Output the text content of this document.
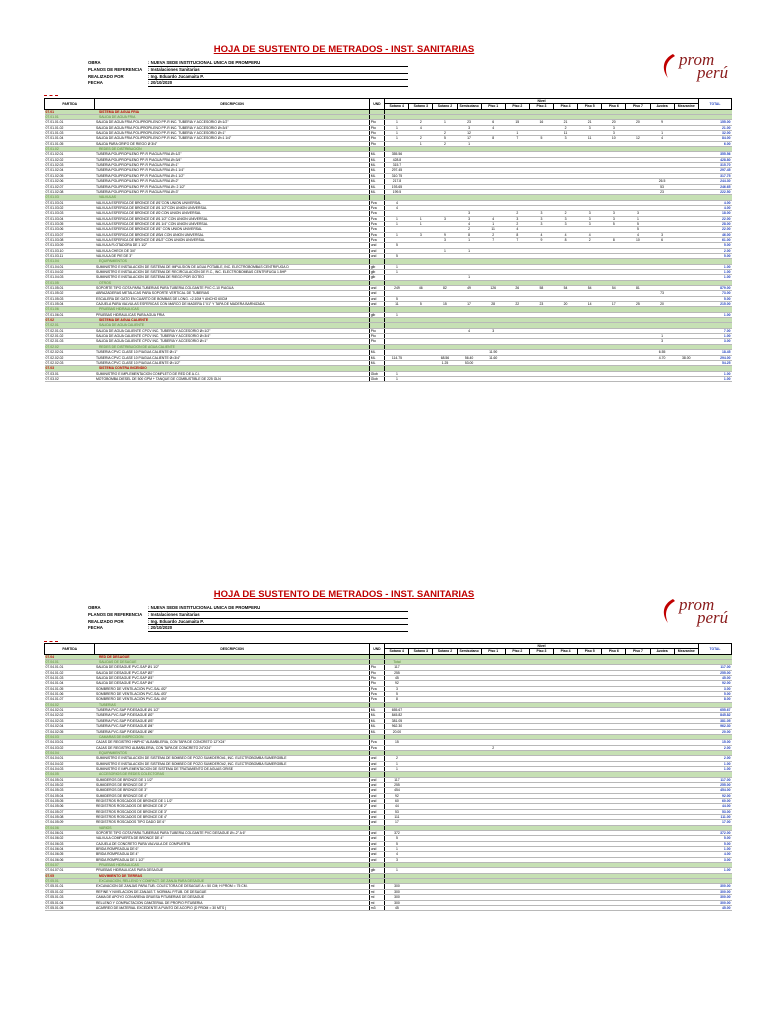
HOJA DE SUSTENTO DE METRADOS - INST. SANITARIAS
prom
perú
OBRA	: NUEVA SEDE INSTITUCIONAL UNICA DE PROMPERU
PLANOS DE REFERENCIA	: Instalaciones Sanitarias
REALIZADO POR	: Ing. Eduardo Jucamaita P.
FECHA	: 20/10/2020
PARTIDA	DESCRIPCION	UND	Nivel													TOTAL
			Sotano 4	Sotano 3	Sotano 2	Semisotano	Piso 1	Piso 2	Piso 3	Piso 4	Piso 5	Piso 6	Piso 7	Azotea	Mezzanine	
07.01	SISTEMA DE AGUA FRIA															
07.01.01	SALIDA DE AGUA FRIA															
07.01.01.01	SALIDA DE AGUA FRIA POLIPROPILENO PP-R INC. TUBERIA Y ACCESORIO Ø=1/2"	Pto	1	2	1	23	6	15	16	21	21	20	20	9		155.00
07.01.01.02	SALIDA DE AGUA FRIA POLIPROPILENO PP-R INC. TUBERIA Y ACCESORIO Ø=3/4"	Pto	1	4		3	4			2	3	3				21.00
07.01.01.03	SALIDA DE AGUA FRIA POLIPROPILENO PP-R INC. TUBERIA Y ACCESORIO Ø=1"	Pto	1		2	12		1		11		3		1		32.00
07.01.01.04	SALIDA DE AGUA FRIA POLIPROPILENO PP-R INC. TUBERIA Y ACCESORIO Ø=1 1/4"	Pto	1	2	5	17	8	7	5	3	11	10	12	4		84.00
07.01.01.05	SALIDA PARA GRIFO DE RIEGO Ø 3/4"	Pto		1	2	1										6.00
07.01.02	REDES DE DISTRIBUCION															
07.01.02.01	TUBERIA POLIPROPILENO PP-R P/AGUA FRIA Ø=1/2"	ML	355.56													355.56
07.01.02.02	TUBERIA POLIPROPILENO PP-R P/AGUA FRIA Ø=3/4"	ML	428.8													428.80
07.01.02.03	TUBERIA POLIPROPILENO PP-R P/AGUA FRIA Ø=1"	ML	315.7													315.70
07.01.02.04	TUBERIA POLIPROPILENO PP-R P/AGUA FRIA Ø=1 1/4"	ML	297.45													297.45
07.01.02.05	TUBERIA POLIPROPILENO PP-R P/AGUA FRIA Ø=1 1/2"	ML	310.75													317.75
07.01.02.06	TUBERIA POLIPROPILENO PP-R P/AGUA FRIA Ø=2"	ML	217.8											26.5		244.30
07.01.02.07	TUBERIA POLIPROPILENO PP-R P/AGUA FRIA Ø= 2 1/2"	ML	193.65											53		246.65
07.01.02.08	TUBERIA POLIPROPILENO PP-R P/AGUA FRIA Ø=3"	ML	199.5											23		222.50
07.01.03	VALVULAS															
07.01.03.01	VALVULA ESFERICA DE BRONCE DE Ø1"CON UNION UNIVERSAL	Pza	4													4.00
07.01.03.02	VALVULA ESFERICA DE BRONCE DE Ø1 1/2"CON UNION UNIVERSAL	Pza	4													4.00
07.01.03.03	VALVULA ESFERICA DE BRONCE DE Ø2 CON UNION UNIVERSAL	Pza				3		2	3	2	3	3	3			18.00
07.01.03.04	VALVULA ESFERICA DE BRONCE DE Ø1 1/2" CON UNION UNIVERSAL	Pza	1	1	3	3	4	3	3	3	3	3	1			22.00
07.01.03.05	VALVULA ESFERICA DE BRONCE DE Ø1 1/4" CON UNION UNIVERSAL	Pza	1	1		4	1	2	3	3	3	5	5			28.00
07.01.03.06	VALVULA ESFERICA DE BRONCE DE Ø1" CON UNION UNIVERSAL	Pza				2	11	4					5			22.00
07.01.03.07	VALVULA ESFERICA DE BRONCE DE Ø3/4 CON UNION UNIVERSAL	Pza	1	3	9	8	2	8	4	4	4		4	3		46.00
07.01.03.08	VALVULA ESFERICA DE BRONCE DE Ø1/2" CON UNION UNIVERSAL	Pza			3	1	7	7	9	8	2	8	10	6		61.00
07.01.03.09	VALVULA FLOTADORA DE 1 1/2"	und	5													5.00
07.01.03.10	VALVULA CHECK DE 3/4"	und			1	1										2.00
07.01.03.11	VALVULA DE PIE DE 3"	und	5													5.00
07.01.04	EQUIPAMIENTOS															
07.01.04.01	SUMINISTRO E INSTALACION DE SISTEMA DE IMPULSION DE AGUA POTABLE, INC. ELECTROBOMBAS CENTRIFUGA D	glb	1													1.00
07.01.04.02	SUMINISTRO E INSTALACION DE SISTEMA DE RECIRCULACIÓN DE R.C., INC. ELECTROBOMBAS CENTRIFUGA 1.5HP	glb	1													1.00
07.01.04.03	SUMINISTRO E INSTALACION DE SISTEMA DE RIEGO POR GOTEO	glb				1										1.00
07.01.05	OTROS															
07.01.05.01	SOPORTE TIPO GOTA PARA TUBERIAS PARA TUBERIA COLGANTE PVC C-10 P/AGUA	und	249	46	82	49	126	26	58	54	54	54	81			879.00
07.01.05.02	ABRAZADERAS METALICAS PARA SOPORTE VERTICAL DE TUBERIAS	und												73		73.00
07.01.05.03	ESCALERA DE GATO EN CUARTO DE BOMBAS DE LONG. =2.10M Y ANCHO 60CM	und	5													5.00
07.01.05.04	CAJUELA PARA VALVULAS ESFERICAS CON MARCO DE MADERA 1"X1" Y TAPA DE MADERA BARNIZADA	und	11	5	15	17	28	22	23	20	14	17	25	20		215.00
07.01.06	PRUEBAS HIDRAULICAS															
07.01.06.01	PRUEBAS HIDRAULICAS PARA AGUA FRIA	glb	1													1.00
07.02	SISTEMA DE AGUA CALIENTE															
07.02.01	SALIDA DE AGUA CALIENTE															
07.02.01.01	SALIDA DE AGUA CALIENTE CPCV INC. TUBERIA Y ACCESORIO Ø=1/2"	Pto				4	3									7.00
07.02.01.02	SALIDA DE AGUA CALIENTE CPCV INC. TUBERIA Y ACCESORIO Ø=3/4"	Pto												1		1.00
07.02.01.03	SALIDA DE AGUA CALIENTE CPCV INC. TUBERIA Y ACCESORIO Ø=1"	Pto												3		3.00
07.02.02	REDES DE DISTRIBUCION DE AGUA CALIENTE															
07.02.02.01	TUBERIA CPVC CLASE 10 P/AGUA CALIENTE Ø=1"	ML					11.90							6.55		18.45
07.02.02.02	TUBERIA CPVC CLASE 10 P/AGUA CALIENTE Ø=3/4"	ML	114.75		68.56	56.40	11.60							4.70	38.00	294.00
07.02.02.03	TUBERIA CPVC CLASE 10 P/AGUA CALIENTE Ø=1/2"	ML			1.25	53.00										54.25
07.03	SISTEMA CONTRA INCENDIO															
07.03.01	SUMINISTRO E IMPLEMENTACION COMPLETO DE RED DE A.C.I.	Glob	1													1.00
07.03.02	MOTOBOMBA DIESEL DE 500 GPM + TANQUE DE COMBUSTIBLE DE 225 GLN	Glob	1													1.00
HOJA DE SUSTENTO DE METRADOS - INST. SANITARIAS
prom
perú
OBRA	: NUEVA SEDE INSTITUCIONAL UNICA DE PROMPERU
PLANOS DE REFERENCIA	: Instalaciones Sanitarias
REALIZADO POR	: Ing. Eduardo Jucamaita P.
FECHA	: 20/10/2020
PARTIDA	DESCRIPCION	UND	Nivel													TOTAL
			Sotano 4	Sotano 3	Sotano 2	Semisotano	Piso 1	Piso 2	Piso 3	Piso 4	Piso 5	Piso 6	Piso 7	Azotea	Mezzanine	
07.04	RED DE DESAGUE															
07.04.01	SALIDAS DE DESAGUE		Total													
07.04.01.01	SALIDA DE DESAGUE PVC-SAP Ø1 1/2"	Pto	117													117.00
07.04.01.02	SALIDA DE DESAGUE PVC-SAP Ø2"	Pto	255													255.00
07.04.01.03	SALIDA DE DESAGUE PVC-SAP Ø3"	Pto	45													45.00
07.04.01.04	SALIDA DE DESAGUE PVC-SAP Ø4"	Pto	92													92.00
07.04.01.05	SOMBRERO DE VENTILACIÓN PVC-SAL Ø2"	Pza	3													3.00
07.04.01.06	SOMBRERO DE VENTILACIÓN PVC-SAL Ø3"	Pza	5													5.00
07.04.01.07	SOMBRERO DE VENTILACIÓN PVC-SAL Ø4"	Pza	8													8.00
07.04.02	TUBERIAS															
07.04.02.01	TUBERIA PVC-SAP P/DESAGUE Ø1 1/2"	ML	655.67													655.67
07.04.02.02	TUBERIA PVC-SAP P/DESAGUE Ø2"	ML	845.82													845.82
07.04.02.03	TUBERIA PVC-SAP P/DESAGUE Ø3"	ML	381.05													381.05
07.04.02.04	TUBERIA PVC-SAP P/DESAGUE Ø4"	ML	962.30													962.30
07.04.02.05	TUBERIA PVC-SAP P/DESAGUE Ø6"	ML	20.00													20.00
07.04.03	CAMARAS DE INSPECCION															
07.04.03.01	CAJAS DE REGISTRO HNPHC" ALBAÑILERIA, CON TAPA DE CONCRETO 12"X24"	Pza	15													15.00
07.04.03.02	CAJAS DE REGISTRO ALBAÑILERIA, CON TAPA DE CONCRETO 24"X24"	Pza					2									2.00
07.04.04	EQUIPAMIENTOS															
07.04.04.01	SUMINISTRO E INSTALACION DE SISTEMA DE BOMBEO DE POZO SUMIDERO#1, INC. ELECTROBOMBA SUMERGIBLE	und	2													2.00
07.04.04.02	SUMINISTRO E INSTALACION DE SISTEMA DE BOMBEO DE POZO SUMIDERO#2, INC. ELECTROBOMBA SUMERGIBLE	und	1													1.00
07.04.04.03	SUMINISTRO E IMPLEMENTACION DE SISTEMA DE TRATAMIENTO DE AGUAS GRISE	und	1													1.00
07.04.05	ACCESORIOS DE REDES COLECTORAS															
07.04.05.01	SUMIDEROS DE BRONCE DE 1 1/2"	und	117													117.00
07.04.05.02	SUMIDEROS DE BRONCE DE 2"	und	255													255.00
07.04.05.03	SUMIDEROS DE BRONCE DE 3"	und	454													454.00
07.04.05.04	SUMIDEROS DE BRONCE DE 4"	und	92													92.00
07.04.05.05	REGISTROS ROSCADOS DE BRONCE DE 1 1/2"	und	60													60.00
07.04.05.06	REGISTROS ROSCADOS DE BRONCE DE 2"	und	44													44.00
07.04.05.07	REGISTROS ROSCADOS DE BRONCE DE 3"	und	53													53.00
07.04.05.08	REGISTROS ROSCADOS DE BRONCE DE 4"	und	111													111.00
07.04.05.09	REGISTROS ROSCADOS TIPO DADO DE 6"	und	17													17.00
07.04.06	VARIOS															
07.04.06.01	SOPORTE TIPO GOTA PARA TUBERIAS PARA TUBERIA COLGANTE PVC DESAGUE Ø=-2" A 6"	und	372													372.00
07.04.06.02	VALVULA COMPUERTA DE BRONCE DE 4"	und	5													5.00
07.04.06.03	CAJUELA DE CONCRETO PARA VALVULA DE COMPUERTA	und	5													5.00
07.04.06.04	BRIDA ROMPEAGUA DE 6"	und	1													1.00
07.04.06.05	BRIDA ROMPEAGUA DE 4"	und	4													4.00
07.04.06.06	BRIDA ROMPEAGUA DE 1 1/2"	und	3													3.00
07.04.07	PRUEBAS HIDRAULICAS															
07.04.07.01	PRUEBAS HIDRAULICAS PARA DESAGUE	glb	1													1.00
07.05	MOVIMIENTO DE TIERRAS															
07.05.01	EXCAVACION, RELLENO Y COMPACT. DE ZANJA PARA DESAGUE															
07.05.01.01	EXCAVACION DE ZANJAS PARA TUB. COLECTORA DE DESAGUE A = 50 CM; H PROM = 75 CM.	ml	300													300.00
07.05.01.02	REFINE Y NIVELACION DE ZANJAS T. NORMAL P/TUB. DE DESAGUE	ml	300													300.00
07.05.01.03	CAMA DE APOYO CON ARENA GRUESA P/TUBERIAS DE DESAGUE	ml	300													300.00
07.05.01.04	RELLENO Y COMPACTACION C/MATERIAL DE PROPIO P/TUBERIA	ml	300													300.00
07.05.01.05	ACARREO DE MATERIAL EXCEDENTE A PUNTO DE ACOPIO (D PROM = 30 MTS )	m3	45													45.00
